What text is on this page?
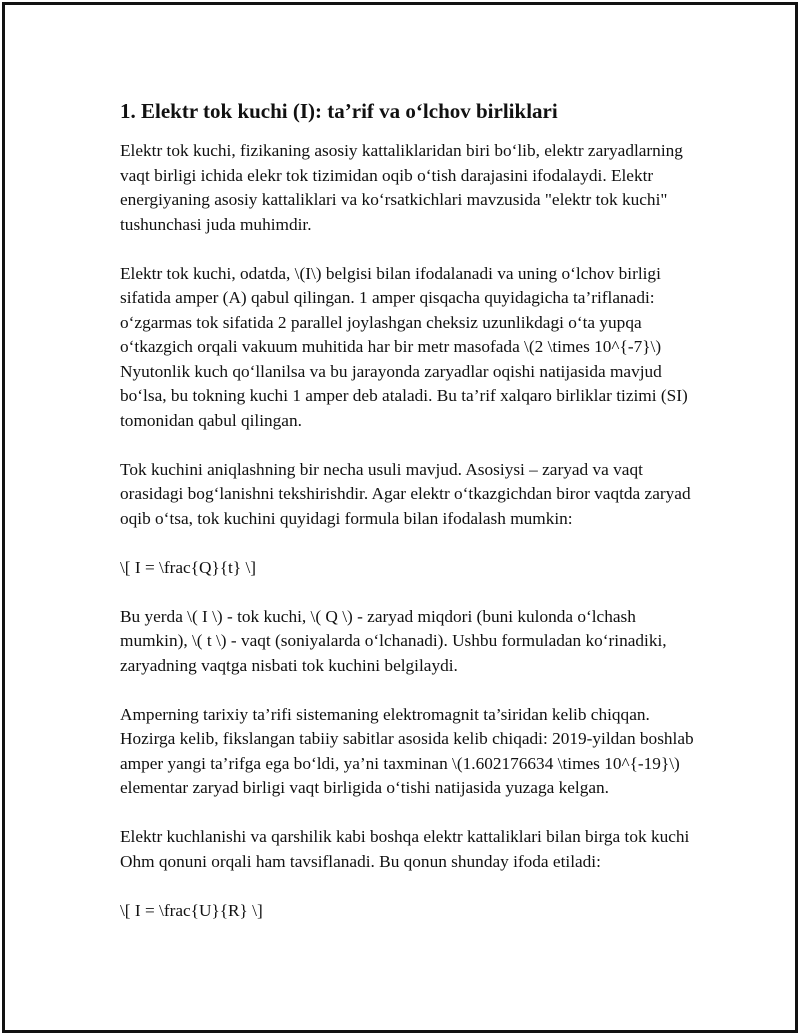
1. Elektr tok kuchi (I): ta’rif va o‘lchov birliklari

Elektr tok kuchi, fizikaning asosiy kattaliklaridan biri bo‘lib, elektr zaryadlarning vaqt birligi ichida elekr tok tizimidan oqib o‘tish darajasini ifodalaydi. Elektr energiyaning asosiy kattaliklari va ko‘rsatkichlari mavzusida "elektr tok kuchi" tushunchasi juda muhimdir.

Elektr tok kuchi, odatda, \(I\) belgisi bilan ifodalanadi va uning o‘lchov birligi sifatida amper (A) qabul qilingan. 1 amper qisqacha quyidagicha ta’riflanadi: o‘zgarmas tok sifatida 2 parallel joylashgan cheksiz uzunlikdagi o‘ta yupqa o‘tkazgich orqali vakuum muhitida har bir metr masofada \(2 \times 10^{-7}\) Nyutonlik kuch qo‘llanilsa va bu jarayonda zaryadlar oqishi natijasida mavjud bo‘lsa, bu tokning kuchi 1 amper deb ataladi. Bu ta’rif xalqaro birliklar tizimi (SI) tomonidan qabul qilingan.

Tok kuchini aniqlashning bir necha usuli mavjud. Asosiysi – zaryad va vaqt orasidagi bog‘lanishni tekshirishdir. Agar elektr o‘tkazgichdan biror vaqtda zaryad oqib o‘tsa, tok kuchini quyidagi formula bilan ifodalash mumkin:

\[ I = \frac{Q}{t} \]

Bu yerda \( I \) - tok kuchi, \( Q \) - zaryad miqdori (buni kulonda o‘lchash mumkin), \( t \) - vaqt (soniyalarda o‘lchanadi). Ushbu formuladan ko‘rinadiki, zaryadning vaqtga nisbati tok kuchini belgilaydi.

Amperning tarixiy ta’rifi sistemaning elektromagnit ta’siridan kelib chiqqan. Hozirga kelib, fikslangan tabiiy sabitlar asosida kelib chiqadi: 2019-yildan boshlab amper yangi ta’rifga ega bo‘ldi, ya’ni taxminan \(1.602176634 \times 10^{-19}\) elementar zaryad birligi vaqt birligida o‘tishi natijasida yuzaga kelgan.

Elektr kuchlanishi va qarshilik kabi boshqa elektr kattaliklari bilan birga tok kuchi Ohm qonuni orqali ham tavsiflanadi. Bu qonun shunday ifoda etiladi:

\[ I = \frac{U}{R} \]
